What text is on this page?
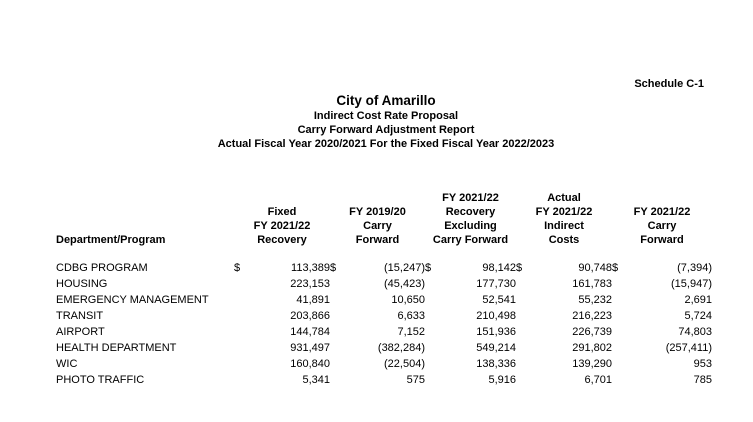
Schedule C-1
City of Amarillo
Indirect Cost Rate Proposal
Carry Forward Adjustment Report
Actual Fiscal Year 2020/2021 For the Fixed Fiscal Year 2022/2023
Department/Program	Fixed
FY 2021/22
Recovery		FY 2019/20
Carry
Forward		FY 2021/22
Recovery
Excluding
Carry Forward		Actual
FY 2021/22
Indirect
Costs		FY 2021/22
Carry
Forward	

CDBG PROGRAM	$	113,389	$	(15,247)	$	98,142	$	90,748	$	(7,394)
HOUSING		223,153		(45,423)		177,730		161,783		(15,947)
EMERGENCY MANAGEMENT		41,891		10,650		52,541		55,232		2,691
TRANSIT		203,866		6,633		210,498		216,223		5,724
AIRPORT		144,784		7,152		151,936		226,739		74,803
HEALTH DEPARTMENT		931,497		(382,284)		549,214		291,802		(257,411)
WIC		160,840		(22,504)		138,336		139,290		953
PHOTO TRAFFIC		5,341		575		5,916		6,701		785
